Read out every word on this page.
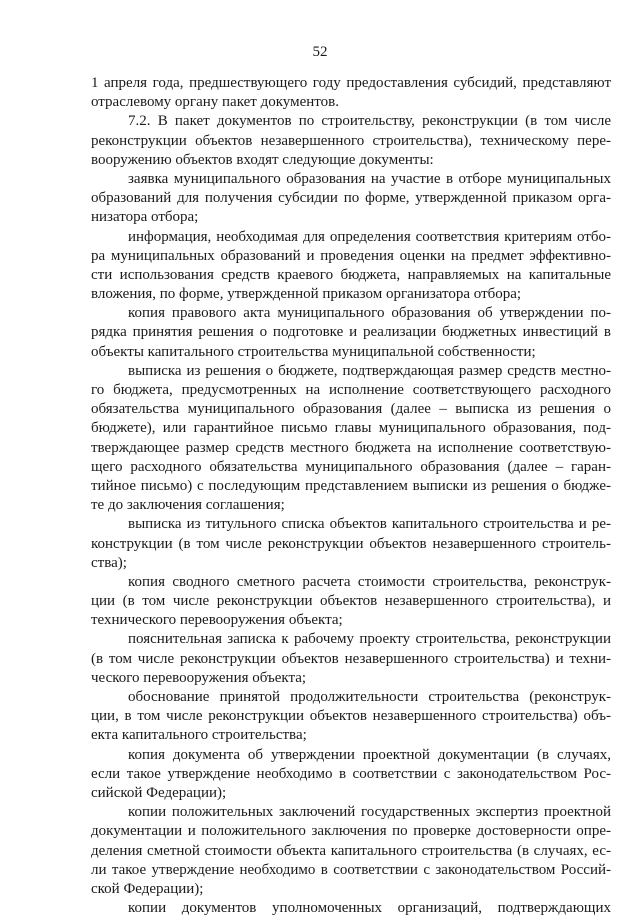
52
1 апреля года, предшествующего году предоставления субсидий, представляют
отраслевому органу пакет документов.
7.2. В пакет документов по строительству, реконструкции (в том числе
реконструкции объектов незавершенного строительства), техническому пере-
вооружению объектов входят следующие документы:
заявка муниципального образования на участие в отборе муниципальных
образований для получения субсидии по форме, утвержденной приказом орга-
низатора отбора;
информация, необходимая для определения соответствия критериям отбо-
ра муниципальных образований и проведения оценки на предмет эффективно-
сти использования средств краевого бюджета, направляемых на капитальные
вложения, по форме, утвержденной приказом организатора отбора;
копия правового акта муниципального образования об утверждении по-
рядка принятия решения о подготовке и реализации бюджетных инвестиций в
объекты капитального строительства муниципальной собственности;
выписка из решения о бюджете, подтверждающая размер средств местно-
го бюджета, предусмотренных на исполнение соответствующего расходного
обязательства муниципального образования (далее – выписка из решения о
бюджете), или гарантийное письмо главы муниципального образования, под-
тверждающее размер средств местного бюджета на исполнение соответствую-
щего расходного обязательства муниципального образования (далее – гаран-
тийное письмо) с последующим представлением выписки из решения о бюдже-
те до заключения соглашения;
выписка из титульного списка объектов капитального строительства и ре-
конструкции (в том числе реконструкции объектов незавершенного строитель-
ства);
копия сводного сметного расчета стоимости строительства, реконструк-
ции (в том числе реконструкции объектов незавершенного строительства), и
технического перевооружения объекта;
пояснительная записка к рабочему проекту строительства, реконструкции
(в том числе реконструкции объектов незавершенного строительства) и техни-
ческого перевооружения объекта;
обоснование принятой продолжительности строительства (реконструк-
ции, в том числе реконструкции объектов незавершенного строительства) объ-
екта капитального строительства;
копия документа об утверждении проектной документации (в случаях,
если такое утверждение необходимо в соответствии с законодательством Рос-
сийской Федерации);
копии положительных заключений государственных экспертиз проектной
документации и положительного заключения по проверке достоверности опре-
деления сметной стоимости объекта капитального строительства (в случаях, ес-
ли такое утверждение необходимо в соответствии с законодательством Россий-
ской Федерации);
копии документов уполномоченных организаций, подтверждающих
